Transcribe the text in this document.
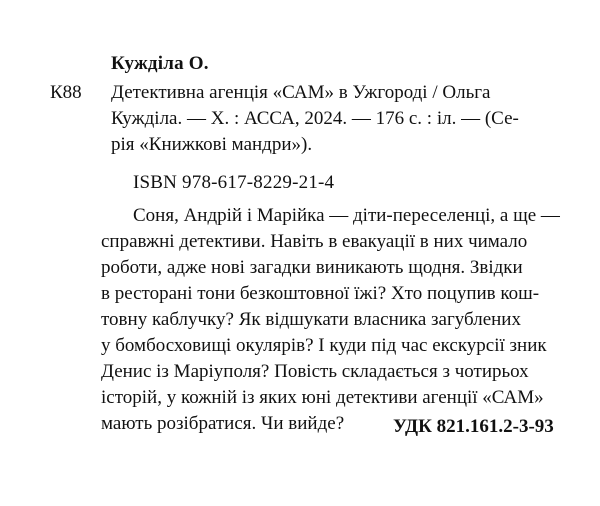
Кужділа О.
К88 Детективна агенція «САМ» в Ужгороді / Ольга
Кужділа. — Х. : АССА, 2024. — 176 с. : іл. — (Се-
рія «Книжкові мандри»).
ISBN 978-617-8229-21-4
Соня, Андрій і Марійка — діти-переселенці, а ще —
справжні детективи. Навіть в евакуації в них чимало
роботи, адже нові загадки виникають щодня. Звідки
в ресторані тони безкоштовної їжі? Хто поцупив кош-
товну каблучку? Як відшукати власника загублених
у бомбосховищі окулярів? І куди під час екскурсії зник
Денис із Маріуполя? Повість складається з чотирьох
історій, у кожній із яких юні детективи агенції «САМ»
мають розібратися. Чи вийде?	УДК 821.161.2-3-93
